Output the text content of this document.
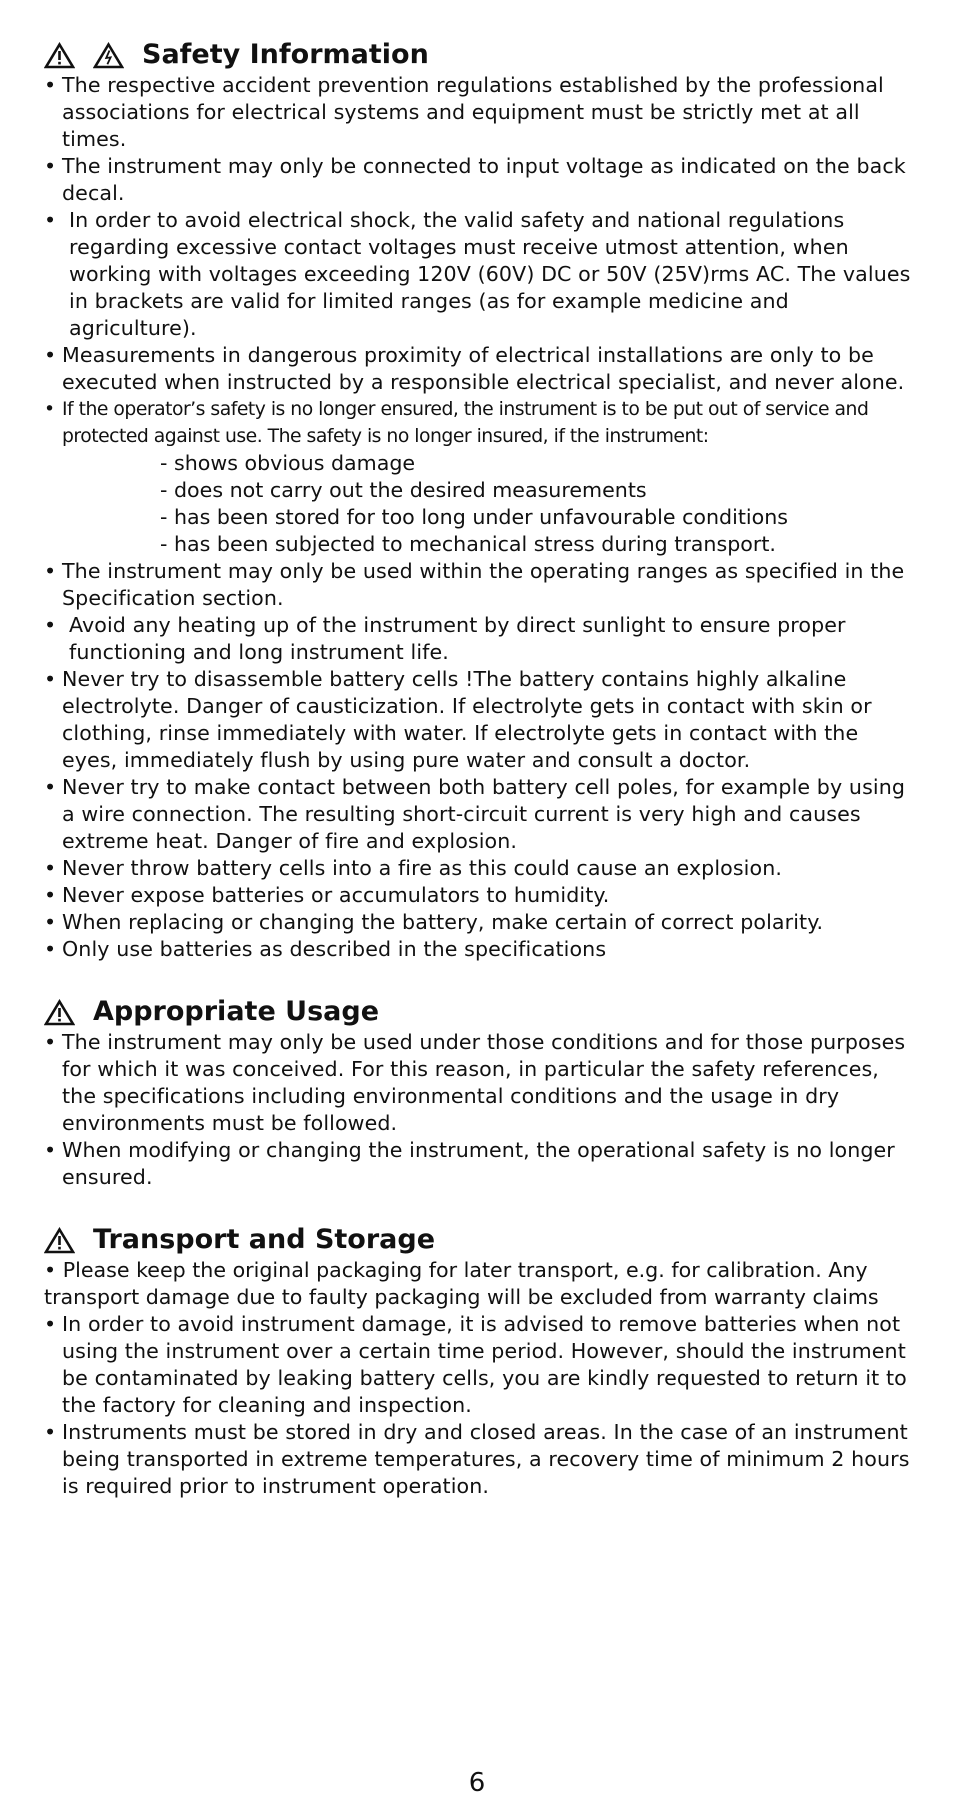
Safety Information
• The respective accident prevention regulations established by the professional associations for electrical systems and equipment must be strictly met at all times.
• The instrument may only be connected to input voltage as indicated on the back decal.
• In order to avoid electrical shock, the valid safety and national regulations regarding excessive contact voltages must receive utmost attention, when working with voltages exceeding 120V (60V) DC or 50V (25V)rms AC. The values in brackets are valid for limited ranges (as for example medicine and agriculture).
• Measurements in dangerous proximity of electrical installations are only to be executed when instructed by a responsible electrical specialist, and never alone.
• If the operator’s safety is no longer ensured, the instrument is to be put out of service and protected against use. The safety is no longer insured, if the instrument:
- shows obvious damage
- does not carry out the desired measurements
- has been stored for too long under unfavourable conditions
- has been subjected to mechanical stress during transport.
• The instrument may only be used within the operating ranges as specified in the Specification section.
• Avoid any heating up of the instrument by direct sunlight to ensure proper functioning and long instrument life.
• Never try to disassemble battery cells !The battery contains highly alkaline electrolyte. Danger of causticization. If electrolyte gets in contact with skin or clothing, rinse immediately with water. If electrolyte gets in contact with the eyes, immediately flush by using pure water and consult a doctor.
• Never try to make contact between both battery cell poles, for example by using a wire connection. The resulting short-circuit current is very high and causes extreme heat. Danger of fire and explosion.
• Never throw battery cells into a fire as this could cause an explosion.
• Never expose batteries or accumulators to humidity.
• When replacing or changing the battery, make certain of correct polarity.
• Only use batteries as described in the specifications
Appropriate Usage
• The instrument may only be used under those conditions and for those purposes for which it was conceived. For this reason, in particular the safety references, the specifications including environmental conditions and the usage in dry environments must be followed.
• When modifying or changing the instrument, the operational safety is no longer ensured.
Transport and Storage
• Please keep the original packaging for later transport, e.g. for calibration. Any transport damage due to faulty packaging will be excluded from warranty claims
• In order to avoid instrument damage, it is advised to remove batteries when not using the instrument over a certain time period. However, should the instrument be contaminated by leaking battery cells, you are kindly requested to return it to the factory for cleaning and inspection.
• Instruments must be stored in dry and closed areas. In the case of an instrument being transported in extreme temperatures, a recovery time of minimum 2 hours is required prior to instrument operation.
6
